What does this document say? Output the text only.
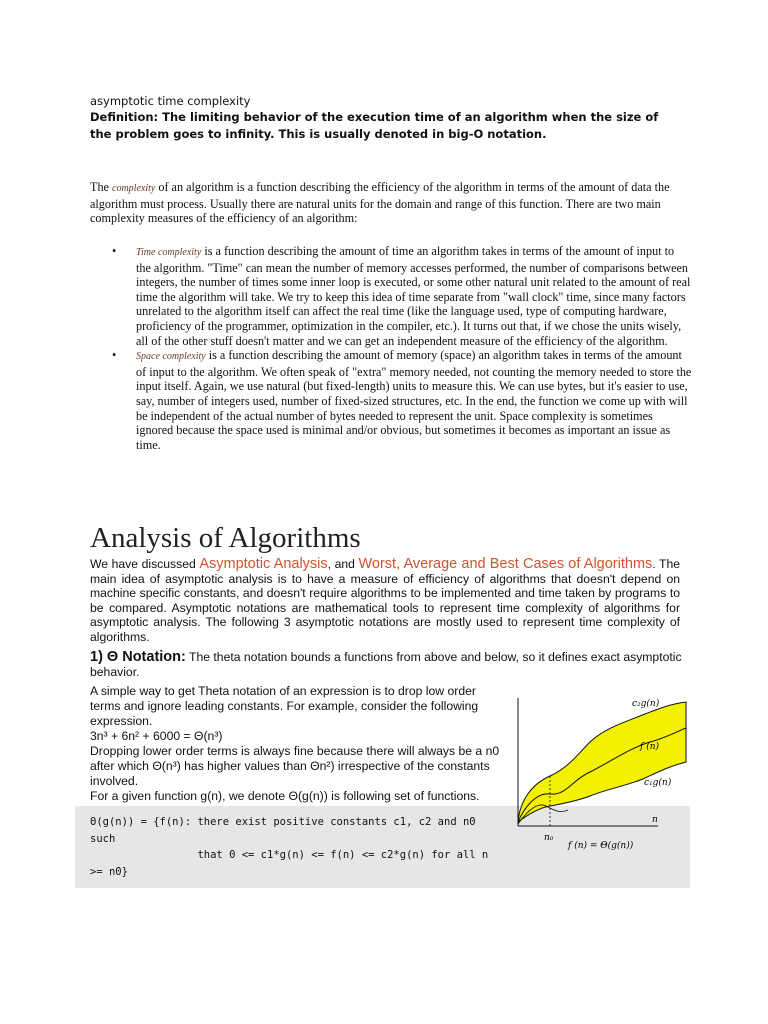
asymptotic time complexity
Definition: The limiting behavior of the execution time of an algorithm when the size of the problem goes to infinity. This is usually denoted in big-O notation.
The complexity of an algorithm is a function describing the efficiency of the algorithm in terms of the amount of data the algorithm must process. Usually there are natural units for the domain and range of this function. There are two main complexity measures of the efficiency of an algorithm:
• Time complexity is a function describing the amount of time an algorithm takes in terms of the amount of input to the algorithm. "Time" can mean the number of memory accesses performed, the number of comparisons between integers, the number of times some inner loop is executed, or some other natural unit related to the amount of real time the algorithm will take. We try to keep this idea of time separate from "wall clock" time, since many factors unrelated to the algorithm itself can affect the real time (like the language used, type of computing hardware, proficiency of the programmer, optimization in the compiler, etc.). It turns out that, if we chose the units wisely, all of the other stuff doesn't matter and we can get an independent measure of the efficiency of the algorithm.
• Space complexity is a function describing the amount of memory (space) an algorithm takes in terms of the amount of input to the algorithm. We often speak of "extra" memory needed, not counting the memory needed to store the input itself. Again, we use natural (but fixed-length) units to measure this. We can use bytes, but it's easier to use, say, number of integers used, number of fixed-sized structures, etc. In the end, the function we come up with will be independent of the actual number of bytes needed to represent the unit. Space complexity is sometimes ignored because the space used is minimal and/or obvious, but sometimes it becomes as important an issue as time.
Analysis of Algorithms
We have discussed Asymptotic Analysis, and Worst, Average and Best Cases of Algorithms. The main idea of asymptotic analysis is to have a measure of efficiency of algorithms that doesn't depend on machine specific constants, and doesn't require algorithms to be implemented and time taken by programs to be compared. Asymptotic notations are mathematical tools to represent time complexity of algorithms for asymptotic analysis. The following 3 asymptotic notations are mostly used to represent time complexity of algorithms.
1) Θ Notation: The theta notation bounds a functions from above and below, so it defines exact asymptotic behavior.
A simple way to get Theta notation of an expression is to drop low order terms and ignore leading constants. For example, consider the following expression.
3n³ + 6n² + 6000 = Θ(n³)
Dropping lower order terms is always fine because there will always be a n0 after which Θ(n³) has higher values than Θn²) irrespective of the constants involved.
For a given function g(n), we denote Θ(g(n)) is following set of functions.
Θ(g(n)) = {f(n): there exist positive constants c1, c2 and n0
such
that 0 <= c1*g(n) <= f(n) <= c2*g(n) for all n
>= n0}
c₂g(n)
f (n)
c₁g(n)
n
n₀
f (n) = Θ(g(n))
